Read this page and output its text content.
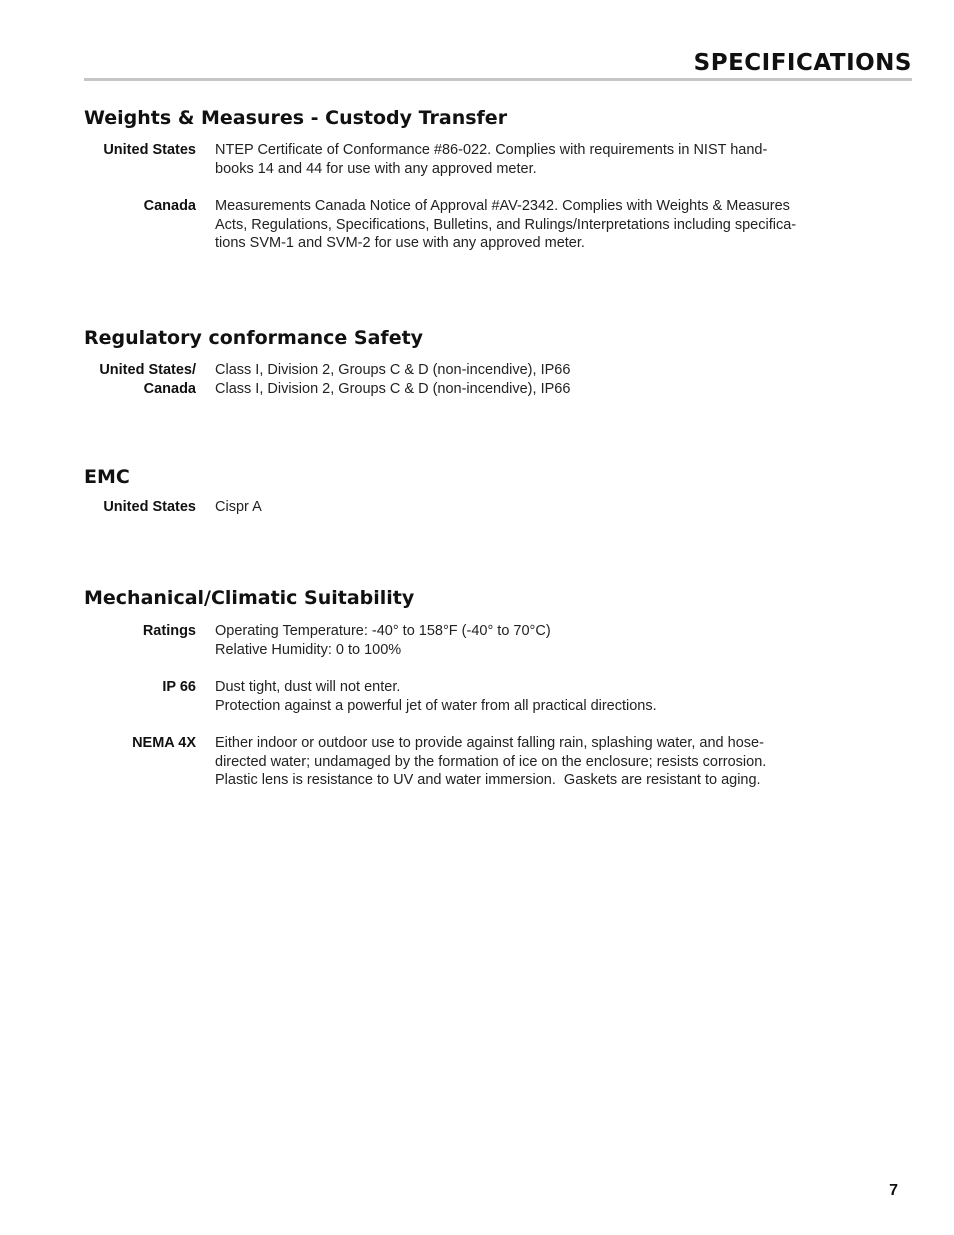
SPECIFICATIONS
Weights & Measures - Custody Transfer
United States NTEP Certificate of Conformance #86-022. Complies with requirements in NIST hand-
books 14 and 44 for use with any approved meter.
Canada Measurements Canada Notice of Approval #AV-2342. Complies with Weights & Measures
Acts, Regulations, Specifications, Bulletins, and Rulings/Interpretations including specifica-
tions SVM-1 and SVM-2 for use with any approved meter.
Regulatory conformance Safety
United States/
Canada
Class I, Division 2, Groups C & D (non-incendive), IP66
Class I, Division 2, Groups C & D (non-incendive), IP66
EMC
United States Cispr A
Mechanical/Climatic Suitability
Ratings Operating Temperature: -40° to 158°F (-40° to 70°C)
Relative Humidity: 0 to 100%
IP 66 Dust tight, dust will not enter.
Protection against a powerful jet of water from all practical directions.
NEMA 4X Either indoor or outdoor use to provide against falling rain, splashing water, and hose-
directed water; undamaged by the formation of ice on the enclosure; resists corrosion.
Plastic lens is resistance to UV and water immersion.  Gaskets are resistant to aging.
7
